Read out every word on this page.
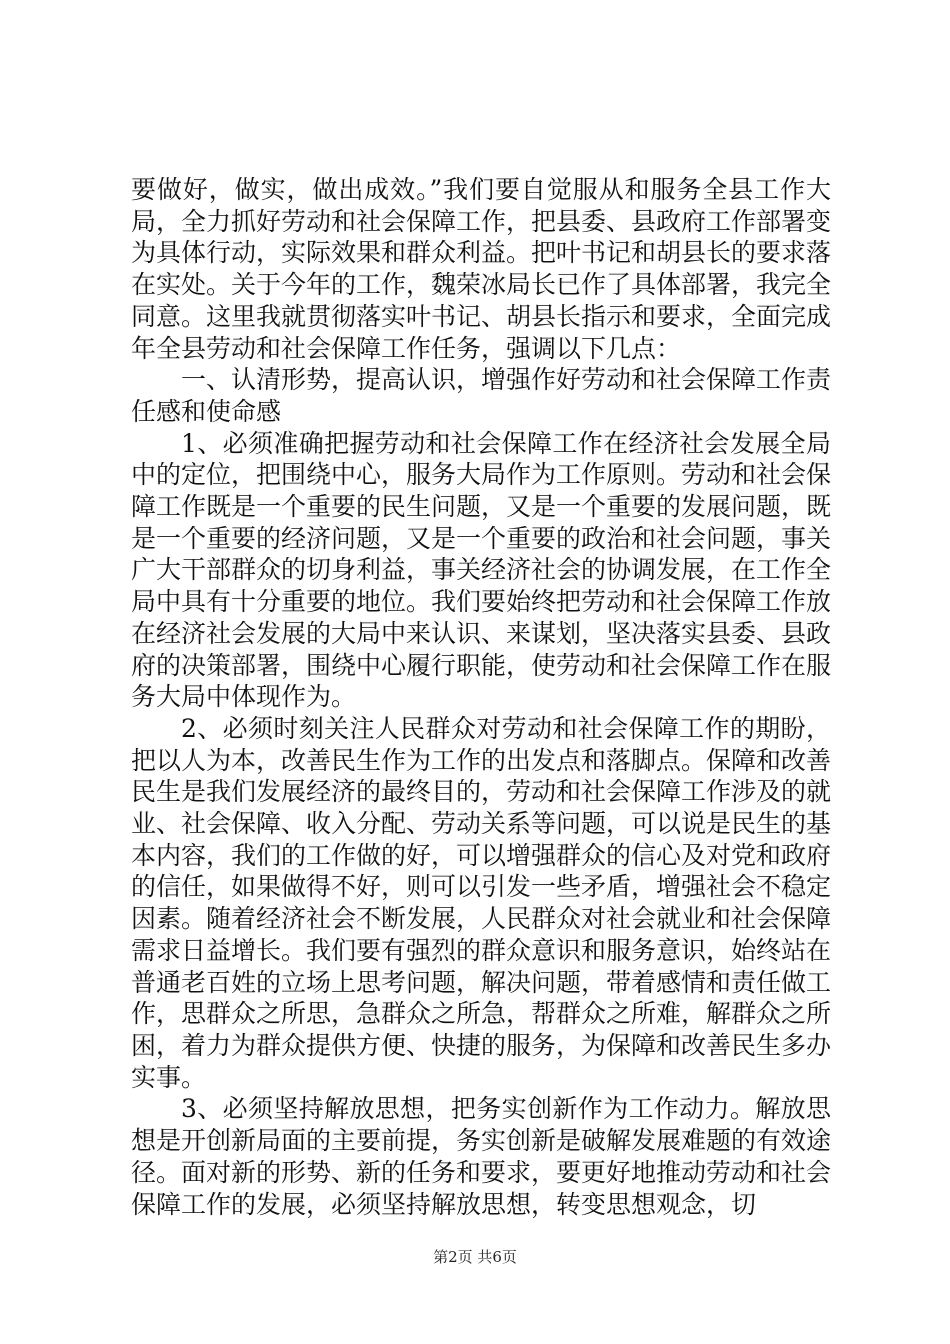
要做好，做实，做出成效。”我们要自觉服从和服务全县工作大局，全力抓好劳动和社会保障工作，把县委、县政府工作部署变为具体行动，实际效果和群众利益。把叶书记和胡县长的要求落在实处。关于今年的工作，魏荣冰局长已作了具体部署，我完全同意。这里我就贯彻落实叶书记、胡县长指示和要求，全面完成年全县劳动和社会保障工作任务，强调以下几点：

一、认清形势，提高认识，增强作好劳动和社会保障工作责任感和使命感

1、必须准确把握劳动和社会保障工作在经济社会发展全局中的定位，把围绕中心，服务大局作为工作原则。劳动和社会保障工作既是一个重要的民生问题，又是一个重要的发展问题，既是一个重要的经济问题，又是一个重要的政治和社会问题，事关广大干部群众的切身利益，事关经济社会的协调发展，在工作全局中具有十分重要的地位。我们要始终把劳动和社会保障工作放在经济社会发展的大局中来认识、来谋划，坚决落实县委、县政府的决策部署，围绕中心履行职能，使劳动和社会保障工作在服务大局中体现作为。

2、必须时刻关注人民群众对劳动和社会保障工作的期盼，把以人为本，改善民生作为工作的出发点和落脚点。保障和改善民生是我们发展经济的最终目的，劳动和社会保障工作涉及的就业、社会保障、收入分配、劳动关系等问题，可以说是民生的基本内容，我们的工作做的好，可以增强群众的信心及对党和政府的信任，如果做得不好，则可以引发一些矛盾，增强社会不稳定因素。随着经济社会不断发展，人民群众对社会就业和社会保障需求日益增长。我们要有强烈的群众意识和服务意识，始终站在普通老百姓的立场上思考问题，解决问题，带着感情和责任做工作，思群众之所思，急群众之所急，帮群众之所难，解群众之所困，着力为群众提供方便、快捷的服务，为保障和改善民生多办实事。

3、必须坚持解放思想，把务实创新作为工作动力。解放思想是开创新局面的主要前提，务实创新是破解发展难题的有效途径。面对新的形势、新的任务和要求，要更好地推动劳动和社会保障工作的发展，必须坚持解放思想，转变思想观念，切

第2页 共6页
